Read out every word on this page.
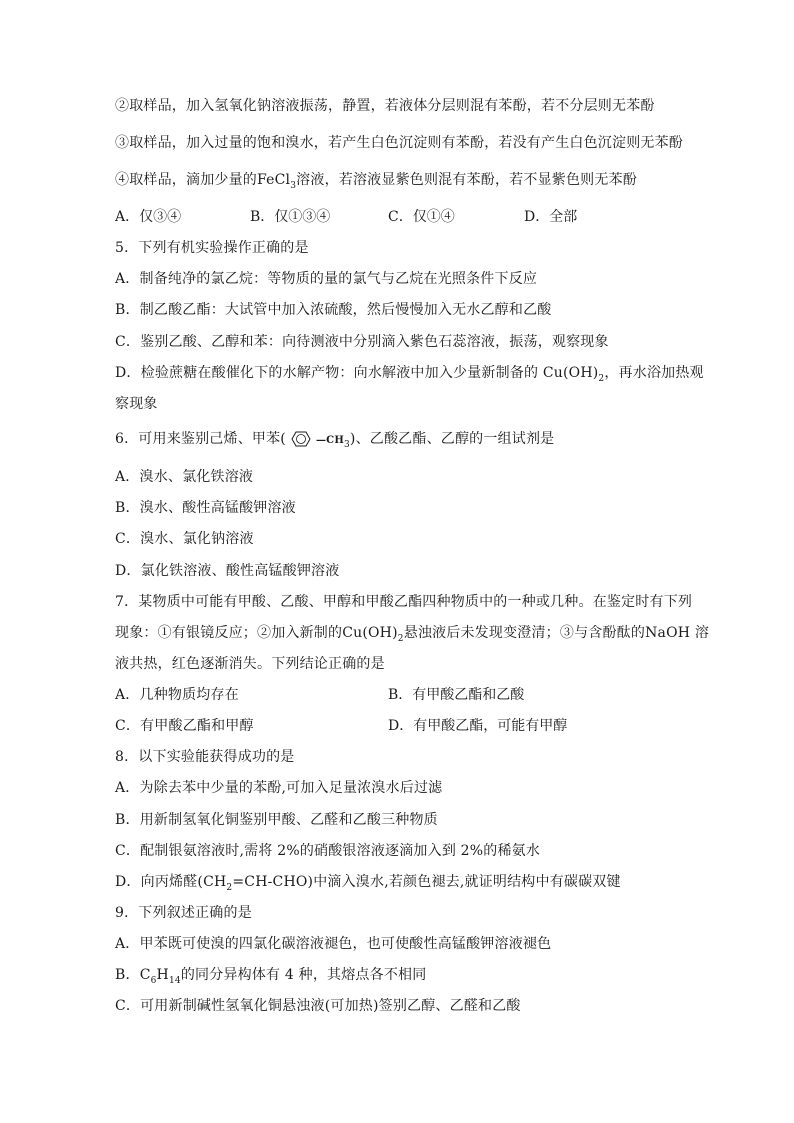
②取样品，加入氢氧化钠溶液振荡，静置，若液体分层则混有苯酚，若不分层则无苯酚
③取样品，加入过量的饱和溴水，若产生白色沉淀则有苯酚，若没有产生白色沉淀则无苯酚
④取样品，滴加少量的FeCl$_3$溶液，若溶液显紫色则混有苯酚，若不显紫色则无苯酚
A．仅③④	B．仅①③④	C．仅①④	D．全部
5．下列有机实验操作正确的是
A．制备纯净的氯乙烷：等物质的量的氯气与乙烷在光照条件下反应
B．制乙酸乙酯：大试管中加入浓硫酸，然后慢慢加入无水乙醇和乙酸
C．鉴别乙酸、乙醇和苯：向待测液中分别滴入紫色石蕊溶液，振荡，观察现象
D．检验蔗糖在酸催化下的水解产物：向水解液中加入少量新制备的 $Cu(OH)_2$，再水浴加热观
察现象
6．可用来鉴别己烯、甲苯(	$—CH_3$)、乙酸乙酯、乙醇的一组试剂是
A．溴水、氯化铁溶液
B．溴水、酸性高锰酸钾溶液
C．溴水、氯化钠溶液
D．氯化铁溶液、酸性高锰酸钾溶液
7．某物质中可能有甲酸、乙酸、甲醇和甲酸乙酯四种物质中的一种或几种。在鉴定时有下列
现象：①有银镜反应；②加入新制的$Cu(OH)_2$悬浊液后未发现变澄清；③与含酚酞的NaOH 溶
液共热，红色逐渐消失。下列结论正确的是
A．几种物质均存在	B．有甲酸乙酯和乙酸
C．有甲酸乙酯和甲醇	D．有甲酸乙酯，可能有甲醇
8．以下实验能获得成功的是
A．为除去苯中少量的苯酚,可加入足量浓溴水后过滤
B．用新制氢氧化铜鉴别甲酸、乙醛和乙酸三种物质
C．配制银氨溶液时,需将 2%的硝酸银溶液逐滴加入到 2%的稀氨水
D．向丙烯醛$(CH_2=CH-CHO)$中滴入溴水,若颜色褪去,就证明结构中有碳碳双键
9．下列叙述正确的是
A．甲苯既可使溴的四氯化碳溶液褪色，也可使酸性高锰酸钾溶液褪色
B．$C_6H_{14}$的同分异构体有 4 种，其熔点各不相同
C．可用新制碱性氢氧化铜悬浊液(可加热)签别乙醇、乙醛和乙酸
